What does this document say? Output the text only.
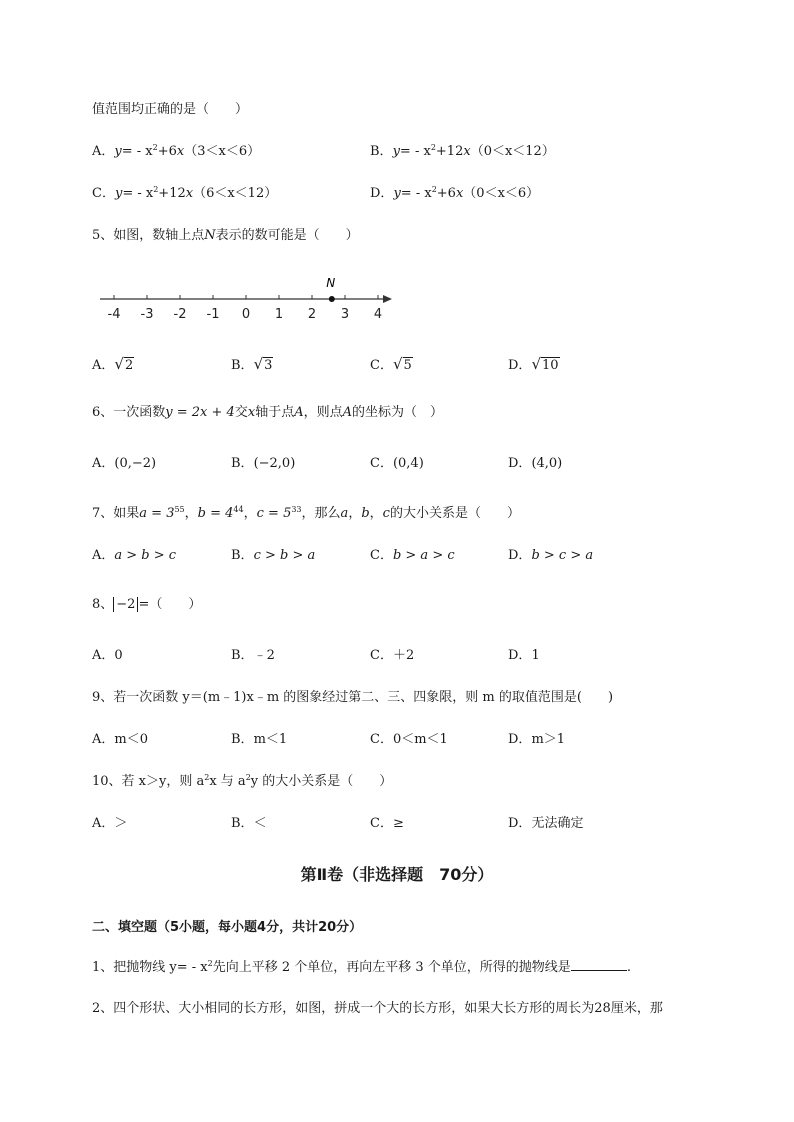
值范围均正确的是（　　）
A．$y= - x^2+6x(3<x<6)$	B．$y= - x^2+12x(0<x<12)$
C．$y= - x^2+12x(6<x<12)$	D．$y= - x^2+6x(0<x<6)$
5、如图，数轴上点N表示的数可能是（　　）
-4 -3 -2 -1 0 1 2 3 4
N
A．√2	B．√3	C．√5	D．√10
6、一次函数y = 2x + 4交x轴于点A，则点A的坐标为（　）
A．(0,−2)	B．(−2,0)	C．(0,4)	D．(4,0)
7、如果$a = 3^{55}$，$b = 4^{44}$，$c = 5^{33}$，那么a，b，c的大小关系是（　　）
A．a > b > c	B．c > b > a	C．b > a > c	D．b > c > a
8、 −2 =（　　）
A．0	B．﹣2	C．＋2	D．1
9、若一次函数 y＝(m﹣1)x﹣m 的图象经过第二、三、四象限，则 m 的取值范围是(　　)
A．m＜0	B．m＜1	C．0＜m＜1	D．m＞1
10、若 x＞y，则 $a^2x$ 与 $a^2y$ 的大小关系是（　　）
A．＞	B．＜	C．≥	D．无法确定
第Ⅱ卷（非选择题　70分）
二、填空题（5小题，每小题4分，共计20分）
1、把抛物线 $y= - x^2$先向上平移 2 个单位，再向左平移 3 个单位，所得的抛物线是	.
2、四个形状、大小相同的长方形，如图，拼成一个大的长方形，如果大长方形的周长为28厘米，那
